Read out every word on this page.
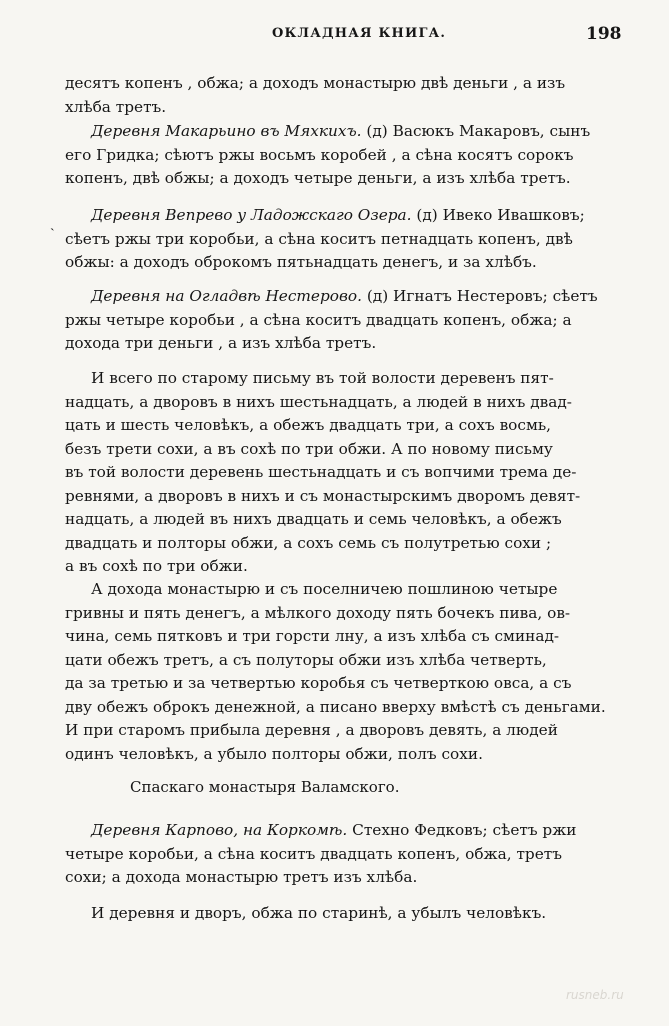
ОКЛАДНАЯ КНИГА.	198
˴
десятъ копенъ , обжа; а доходъ монастырю двѣ деньги , а изъ
хлѣба третъ.
Деревня Макарьино въ Мяхкихъ. (д) Васюкъ Макаровъ, сынъ
его Гридка; сѣютъ ржы восьмъ коробей , а сѣна косятъ сорокъ
копенъ, двѣ обжы; а доходъ четыре деньги, а изъ хлѣба третъ.
Деревня Вепрево у Ладожскаго Озера. (д) Ивеко Ивашковъ;
сѣетъ ржы три коробьи, а сѣна коситъ петнадцать копенъ, двѣ
обжы: а доходъ оброкомъ пятьнадцать денегъ, и за хлѣбъ.
Деревня на Огладвѣ Нестерово. (д) Игнатъ Нестеровъ; сѣетъ
ржы четыре коробьи , а сѣна коситъ двадцать копенъ, обжа; а
дохода три деньги , а изъ хлѣба третъ.
И всего по старому письму въ той волости деревенъ пят-
надцать, а дворовъ в нихъ шестьнадцать, а людей в нихъ двад-
цать и шесть человѣкъ, а обежъ двадцать три, а сохъ восмь,
безъ трети сохи, а въ сохѣ по три обжи. А по новому письму
въ той волости деревень шестьнадцать и съ вопчими трема де-
ревнями, а дворовъ в нихъ и съ монастырскимъ дворомъ девят-
надцать, а людей въ нихъ двадцать и семь человѣкъ, а обежъ
двадцать и полторы обжи, а сохъ семь съ полутретью сохи ;
а въ сохѣ по три обжи.
А дохода монастырю и съ поселничею пошлиною четыре
гривны и пять денегъ, а мѣлкого доходу пять бочекъ пива, ов-
чина, семь пятковъ и три горсти лну, а изъ хлѣба съ сминад-
цати обежъ третъ, а съ полуторы обжи изъ хлѣба четверть,
да за третью и за четвертью коробья съ четверткою овса, а съ
дву обежъ оброкъ денежной, а писано вверху вмѣстѣ съ деньгами.
И при старомъ прибыла деревня , а дворовъ девять, а людей
одинъ человѣкъ, а убыло полторы обжи, полъ сохи.
Спаскаго монастыря Валамского.
Деревня Карпово, на Коркомѣ. Стехно Федковъ; сѣетъ ржи
четыре коробьи, а сѣна коситъ двадцать копенъ, обжа, третъ
сохи; а дохода монастырю третъ изъ хлѣба.
И деревня и дворъ, обжа по старинѣ, а убылъ человѣкъ.
rusneb.ru
